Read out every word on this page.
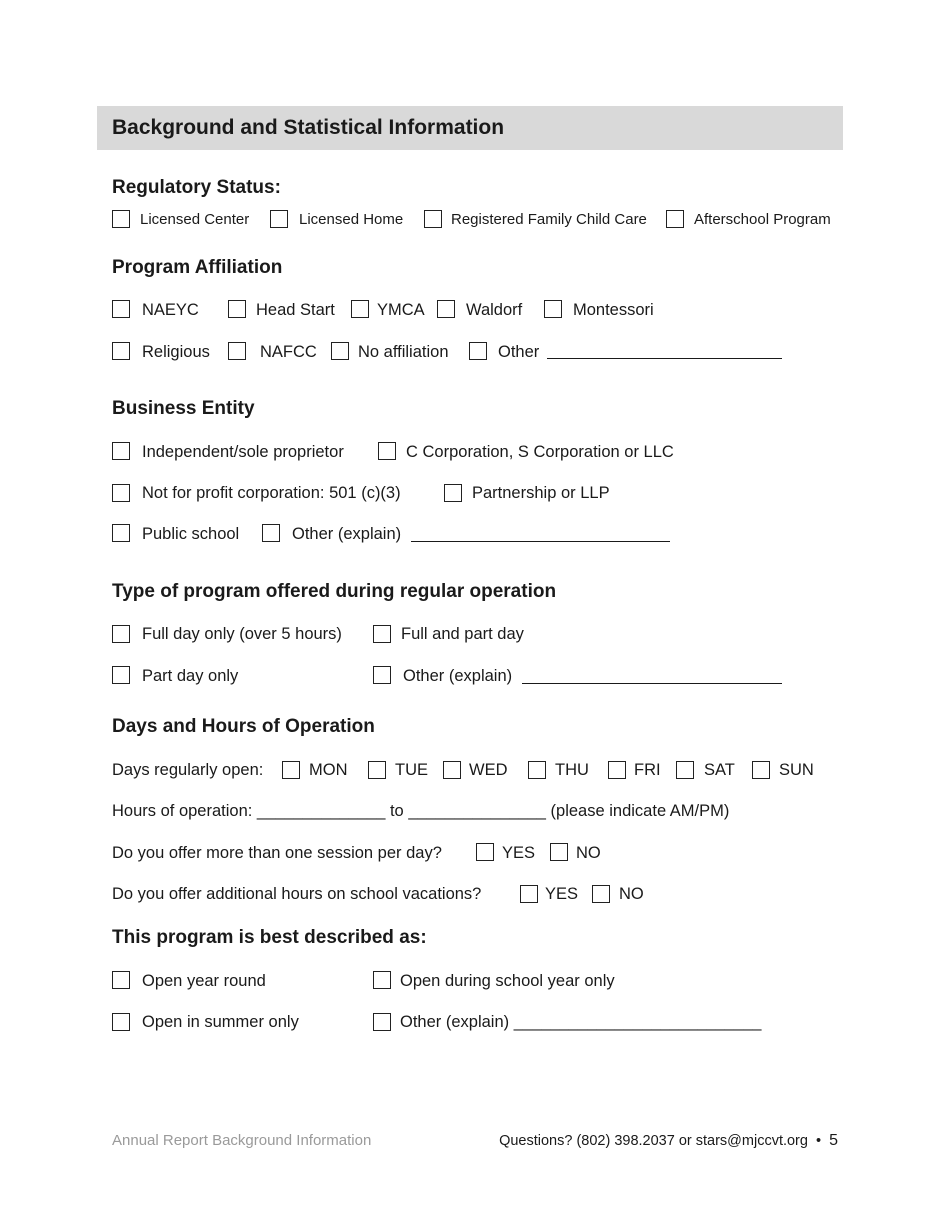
Background and Statistical Information
Regulatory Status:
Licensed Center	Licensed Home	Registered Family Child Care	Afterschool Program
Program Affiliation
NAEYC	Head Start	YMCA	Waldorf	Montessori
Religious	NAFCC No affiliation	Other
Business Entity
Independent/sole proprietor	C Corporation, S Corporation or LLC
Not for profit corporation: 501 (c)(3)	Partnership or LLP
Public school	Other (explain)
Type of program offered during regular operation
Full day only (over 5 hours)	Full and part day
Part day only	Other (explain)
Days and Hours of Operation
Days regularly open:	MON	TUE WED	THU	FRI	SAT	SUN
Hours of operation: ______________ to _______________ (please indicate AM/PM)
Do you offer more than one session per day?	YES NO
Do you offer additional hours on school vacations?	YES NO
This program is best described as:
Open year round	Open during school year only
Open in summer only	Other (explain) ___________________________
Annual Report Background Information	Questions? (802) 398.2037 or stars@mjccvt.org • 5
